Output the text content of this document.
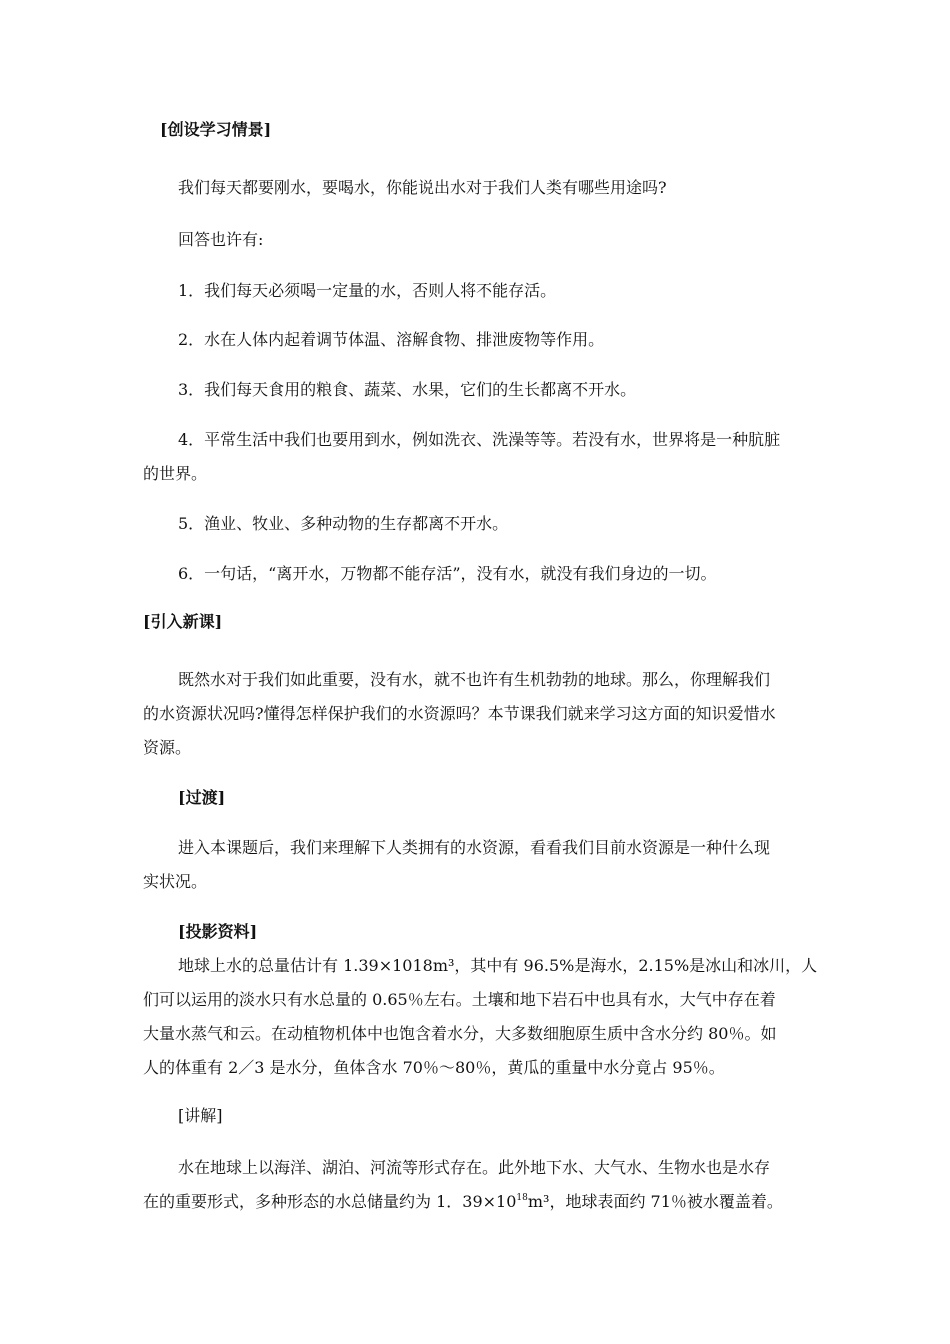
[创设学习情景]
我们每天都要刚水，要喝水，你能说出水对于我们人类有哪些用途吗?
回答也许有:
1．我们每天必须喝一定量的水，否则人将不能存活。
2．水在人体内起着调节体温、溶解食物、排泄废物等作用。
3．我们每天食用的粮食、蔬菜、水果，它们的生长都离不开水。
4．平常生活中我们也要用到水，例如洗衣、洗澡等等。若没有水，世界将是一种肮脏
的世界。
5．渔业、牧业、多种动物的生存都离不开水。
6．一句话，“离开水，万物都不能存活”，没有水，就没有我们身边的一切。
[引入新课]
既然水对于我们如此重要，没有水，就不也许有生机勃勃的地球。那么，你理解我们
的水资源状况吗?懂得怎样保护我们的水资源吗？本节课我们就来学习这方面的知识爱惜水
资源。
[过渡]
进入本课题后，我们来理解下人类拥有的水资源，看看我们目前水资源是一种什么现
实状况。
[投影资料]
地球上水的总量估计有 1.39×1018m³，其中有 96.5%是海水，2.15%是冰山和冰川，人
们可以运用的淡水只有水总量的 0.65％左右。土壤和地下岩石中也具有水，大气中存在着
大量水蒸气和云。在动植物机体中也饱含着水分，大多数细胞原生质中含水分约 80％。如
人的体重有 2／3 是水分，鱼体含水 70％～80％，黄瓜的重量中水分竟占 95％。
[讲解]
水在地球上以海洋、湖泊、河流等形式存在。此外地下水、大气水、生物水也是水存
在的重要形式，多种形态的水总储量约为 1．$39\times 10^{18}m^3$，地球表面约 71％被水覆盖着。
